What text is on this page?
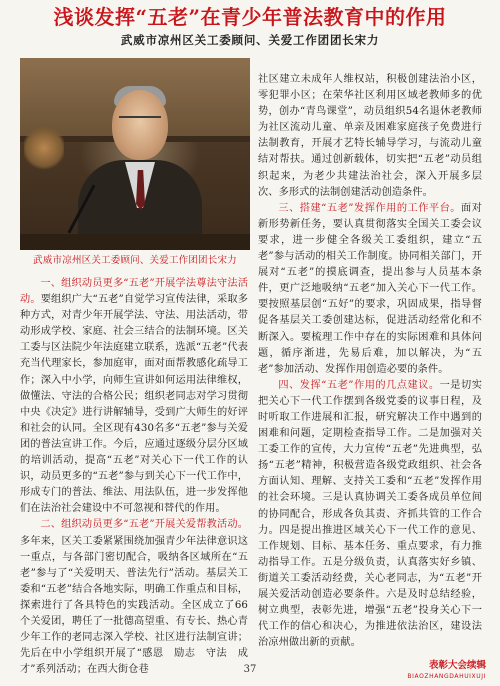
浅谈发挥“五老”在青少年普法教育中的作用
武威市凉州区关工委顾问、关爱工作团团长宋力
武威市凉州区关工委顾问、关爱工作团团长宋力

一、组织动员更多“五老”开展学法尊法守法活动。要组织广大“五老”自觉学习宣传法律，采取多种方式，对青少年开展学法、守法、用法活动，带动形成学校、家庭、社会三结合的法制环境。区关工委与区法院少年法庭建立联系，选派“五老”代表充当代理家长，参加庭审，面对面帮教感化疏导工作；深入中小学，向师生宣讲如何运用法律维权，做懂法、守法的合格公民；组织老同志对学习贯彻中央《决定》进行讲解辅导，受到广大师生的好评和社会的认同。全区现有430名多“五老”参与关爱团的普法宣讲工作。今后，应通过逐级分层分区域的培训活动，提高“五老”对关心下一代工作的认识，动员更多的“五老”参与到关心下一代工作中，形成专门的普法、维法、用法队伍，进一步发挥他们在法治社会建设中不可忽视和替代的作用。

二、组织动员更多“五老”开展关爱帮教活动。多年来，区关工委紧紧围绕加强青少年法律意识这一重点，与各部门密切配合，吸纳各区域所在“五老”参与了“关爱明天、普法先行”活动。基层关工委和“五老”结合各地实际，明确工作重点和目标，探索进行了各具特色的实践活动。全区成立了66个关爱团，聘任了一批德高望重、有专长、热心青少年工作的老同志深入学校、社区进行法制宣讲；先后在中小学组织开展了“感恩　励志　守法　成才”系列活动；在西大街仓巷

社区建立未成年人维权站，积极创建法治小区，零犯罪小区；在荣华社区利用区域老教师多的优势，创办“青鸟课堂”，动员组织54名退休老教师为社区流动儿童、单亲及困难家庭孩子免费进行法制教育，开展才艺特长辅导学习，与流动儿童结对帮扶。通过创新载体，切实把“五老”动员组织起来，为老少共建法治社会，深入开展多层次、多形式的法制创建活动创造条件。

三、搭建“五老”发挥作用的工作平台。面对新形势新任务，要认真贯彻落实全国关工委会议要求，进一步健全各级关工委组织，建立“五老”参与活动的相关工作制度。协同相关部门，开展对“五老”的摸底调查，提出参与人员基本条件，更广泛地吸纳“五老”加入关心下一代工作。要按照基层创“五好”的要求，巩固成果，指导督促各基层关工委创建达标，促进活动经常化和不断深入。要梳理工作中存在的实际困难和具体问题，循序渐进，先易后难，加以解决，为“五老”参加活动、发挥作用创造必要的条件。

四、发挥“五老”作用的几点建议。一是切实把关心下一代工作摆到各级党委的议事日程，及时听取工作进展和汇报，研究解决工作中遇到的困难和问题，定期检查指导工作。二是加强对关工委工作的宣传，大力宣传“五老”先进典型，弘扬“五老”精神，积极营造各级党政组织、社会各方面认知、理解、支持关工委和“五老”发挥作用的社会环境。三是认真协调关工委各成员单位间的协同配合，形成各负其责、齐抓共管的工作合力。四是提出推进区域关心下一代工作的意见、工作规划、目标、基本任务、重点要求，有力推动指导工作。五是分级负责，认真落实好乡镇、街道关工委活动经费，关心老同志，为“五老”开展关爱活动创造必要条件。六是及时总结经验，树立典型，表彰先进，增强“五老”投身关心下一代工作的信心和决心，为推进依法治区，建设法治凉州做出新的贡献。

37	表彰大会续辑
BIAOZHANGDAHUIXUJI
